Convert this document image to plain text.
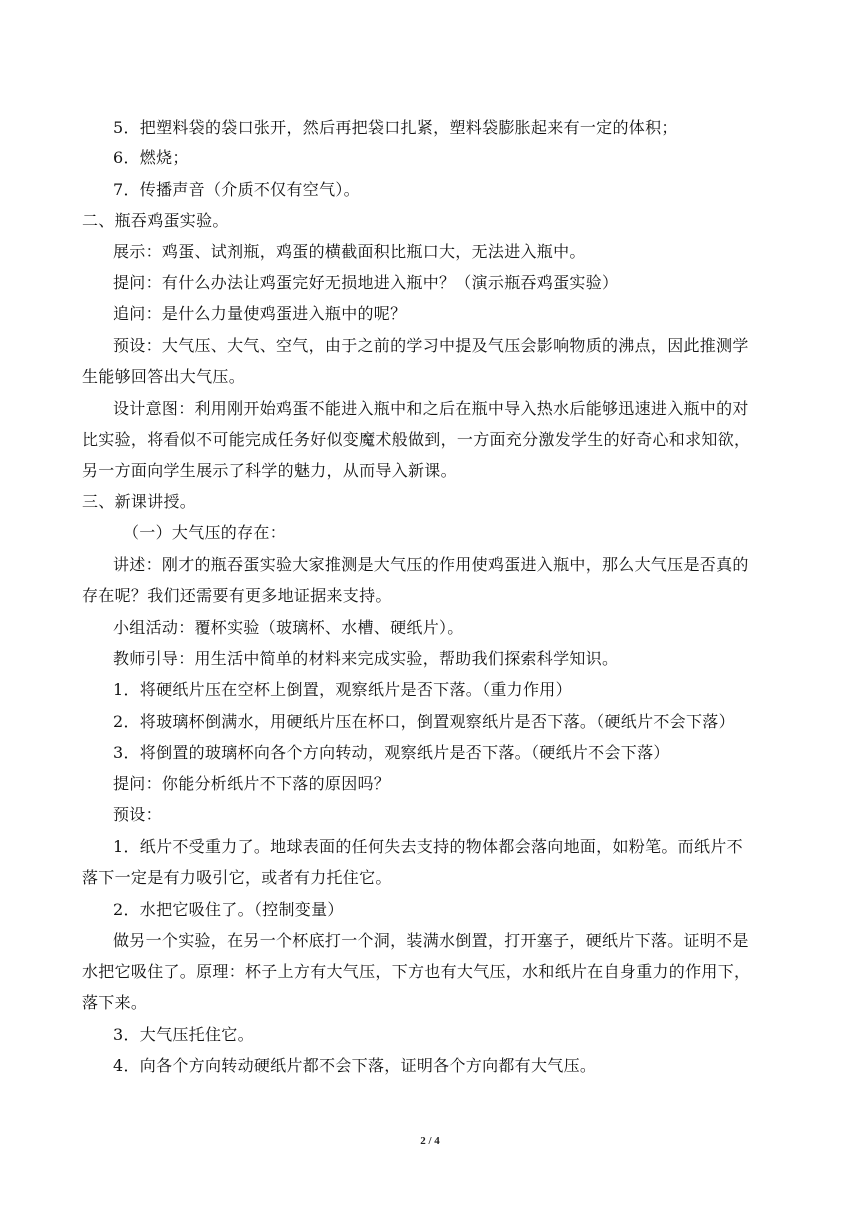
5．把塑料袋的袋口张开，然后再把袋口扎紧，塑料袋膨胀起来有一定的体积；
6．燃烧；
7．传播声音（介质不仅有空气）。
二、瓶吞鸡蛋实验。
展示：鸡蛋、试剂瓶，鸡蛋的横截面积比瓶口大，无法进入瓶中。
提问：有什么办法让鸡蛋完好无损地进入瓶中？（演示瓶吞鸡蛋实验）
追问：是什么力量使鸡蛋进入瓶中的呢？
预设：大气压、大气、空气，由于之前的学习中提及气压会影响物质的沸点，因此推测学
生能够回答出大气压。
设计意图：利用刚开始鸡蛋不能进入瓶中和之后在瓶中导入热水后能够迅速进入瓶中的对
比实验，将看似不可能完成任务好似变魔术般做到，一方面充分激发学生的好奇心和求知欲，
另一方面向学生展示了科学的魅力，从而导入新课。
三、新课讲授。
（一）大气压的存在：
讲述：刚才的瓶吞蛋实验大家推测是大气压的作用使鸡蛋进入瓶中，那么大气压是否真的
存在呢？我们还需要有更多地证据来支持。
小组活动：覆杯实验（玻璃杯、水槽、硬纸片）。
教师引导：用生活中简单的材料来完成实验，帮助我们探索科学知识。
1．将硬纸片压在空杯上倒置，观察纸片是否下落。（重力作用）
2．将玻璃杯倒满水，用硬纸片压在杯口，倒置观察纸片是否下落。（硬纸片不会下落）
3．将倒置的玻璃杯向各个方向转动，观察纸片是否下落。（硬纸片不会下落）
提问：你能分析纸片不下落的原因吗？
预设：
1．纸片不受重力了。地球表面的任何失去支持的物体都会落向地面，如粉笔。而纸片不
落下一定是有力吸引它，或者有力托住它。
2．水把它吸住了。（控制变量）
做另一个实验，在另一个杯底打一个洞，装满水倒置，打开塞子，硬纸片下落。证明不是
水把它吸住了。原理：杯子上方有大气压，下方也有大气压，水和纸片在自身重力的作用下，
落下来。
3．大气压托住它。
4．向各个方向转动硬纸片都不会下落，证明各个方向都有大气压。
2 / 4
